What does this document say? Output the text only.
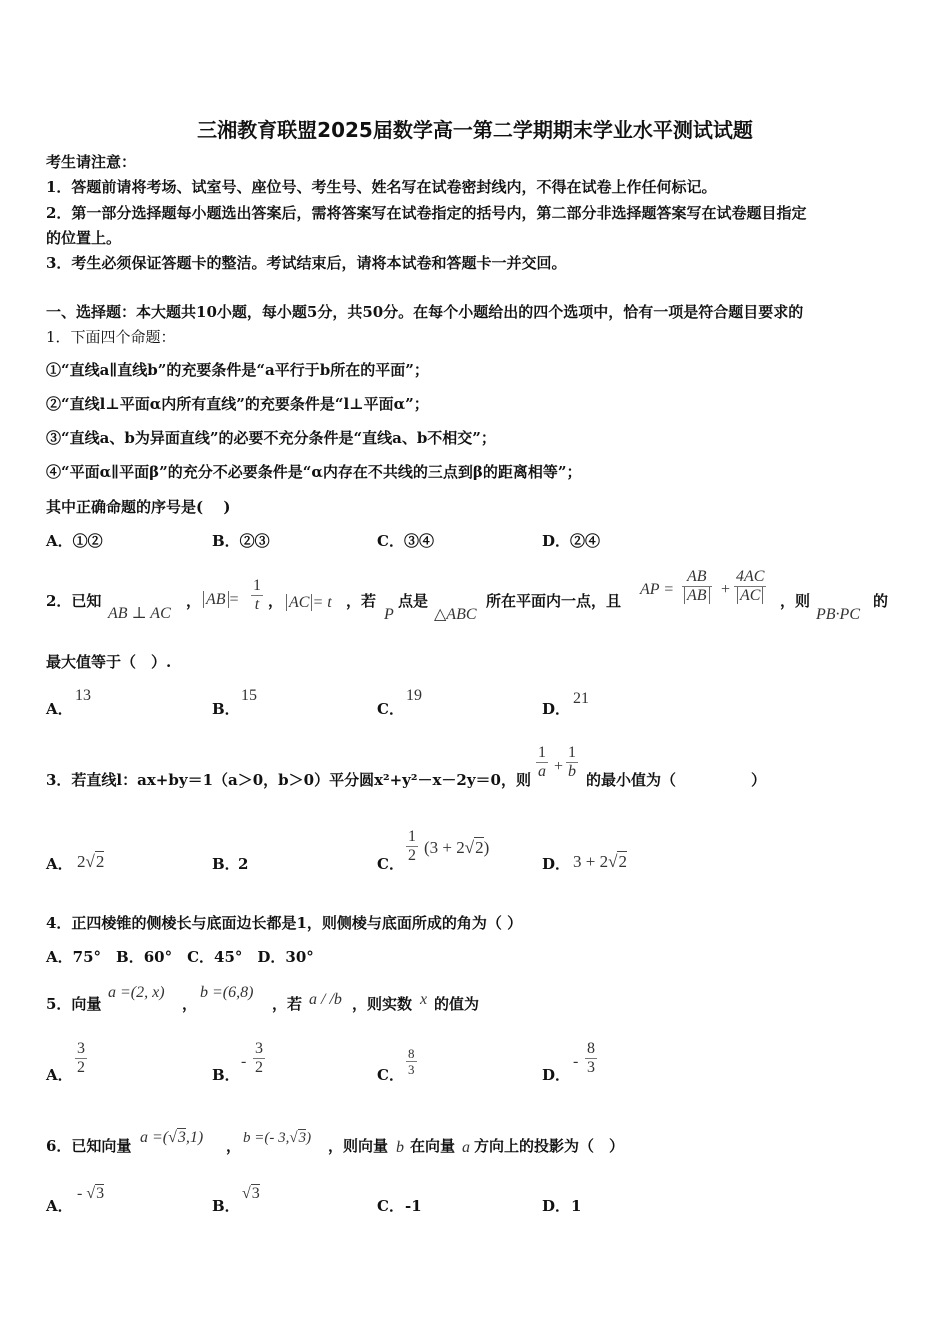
三湘教育联盟2025届数学高一第二学期期末学业水平测试试题
考生请注意：
1．答题前请将考场、试室号、座位号、考生号、姓名写在试卷密封线内，不得在试卷上作任何标记。
2．第一部分选择题每小题选出答案后，需将答案写在试卷指定的括号内，第二部分非选择题答案写在试卷题目指定
的位置上。
3．考生必须保证答题卡的整洁。考试结束后，请将本试卷和答题卡一并交回。
一、选择题：本大题共10小题，每小题5分，共50分。在每个小题给出的四个选项中，恰有一项是符合题目要求的
1．下面四个命题：
①“直线a∥直线b”的充要条件是“a平行于b所在的平面”；
②“直线l⊥平面α内所有直线”的充要条件是“l⊥平面α”；
③“直线a、b为异面直线”的必要不充分条件是“直线a、b不相交”；
④“平面α∥平面β”的充分不必要条件是“α内存在不共线的三点到β的距离相等”；
其中正确命题的序号是(　 )
A．①②	B．②③	C．③④	D．②④
2．已知
AB ⊥ AC
， AB = $\frac{1}{t}$ ， AC = t ，若
P
点是
△ABC
所在平面内一点，且
AP = $\frac{AB}{AB} + \frac{4AC}{AC}$ ，则
PB·PC
的
最大值等于（　）.
A．
13
B．
15
C．
19
D．
21
3．若直线l：ax+by＝1（a＞0，b＞0）平分圆x²+y²－x－2y＝0，则 $\frac{1}{a} + \frac{1}{b}$ 的最小值为（　　　　　）
A． 2√2	B．
2	C． $\frac{1}{2} (3 + 2√2)$
D． 3 + 2√2
4．正四棱锥的侧棱长与底面边长都是1，则侧棱与底面所成的角为（ ）
A．75°　B．60°　C．45°　D．30°
5．向量
a =(2, x)
，
b =(6,8)
，若 a / /b ，则实数 x 的值为
A． $\frac{3}{2}$	B．
- $\frac{3}{2}$	C． $\frac{8}{3}$	D．
- $\frac{8}{3}$
6．已知向量 a =(√3,1) ， b =(- 3,√3) ，则向量 b 在向量 a 方向上的投影为（　）
A．
- √3
B．
√3
C． -1	D． 1
